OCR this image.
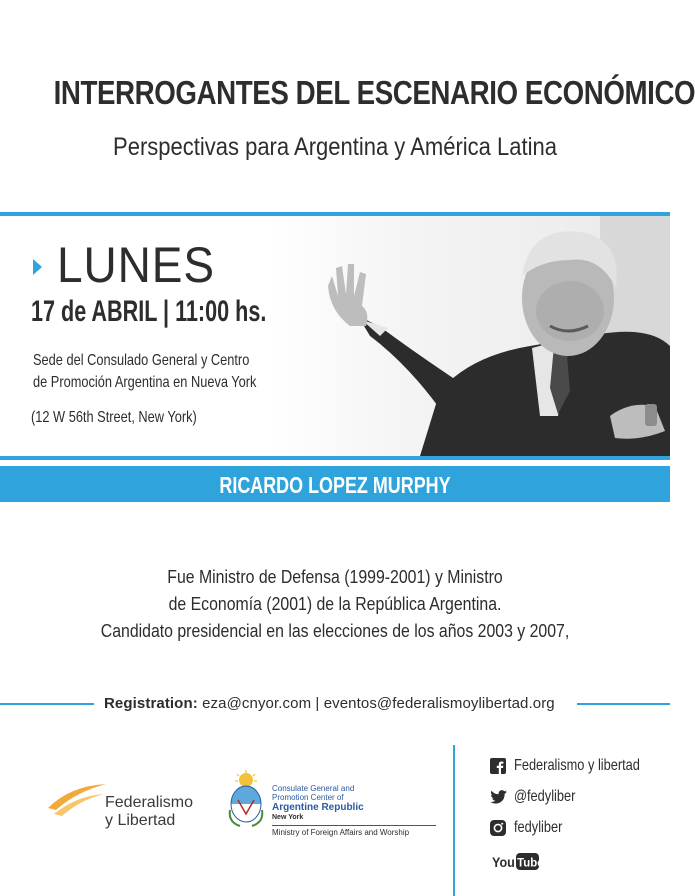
INTERROGANTES DEL ESCENARIO ECONÓMICO
Perspectivas para Argentina y América Latina
LUNES
17 de ABRIL | 11:00 hs.
Sede del Consulado General y Centro
de Promoción Argentina en Nueva York
(12 W 56th Street, New York)
RICARDO LOPEZ MURPHY
Fue Ministro de Defensa (1999-2001) y Ministro
de Economía (2001) de la República Argentina.
Candidato presidencial en las elecciones de los años 2003 y 2007,
Registration: eza@cnyor.com | eventos@federalismoylibertad.org
Federalismo
y Libertad
Consulate General and
Promotion Center of
Argentine Republic
New York
Ministry of Foreign Affairs and Worship
Federalismo y libertad
@fedyliber
fedyliber
You Tube
